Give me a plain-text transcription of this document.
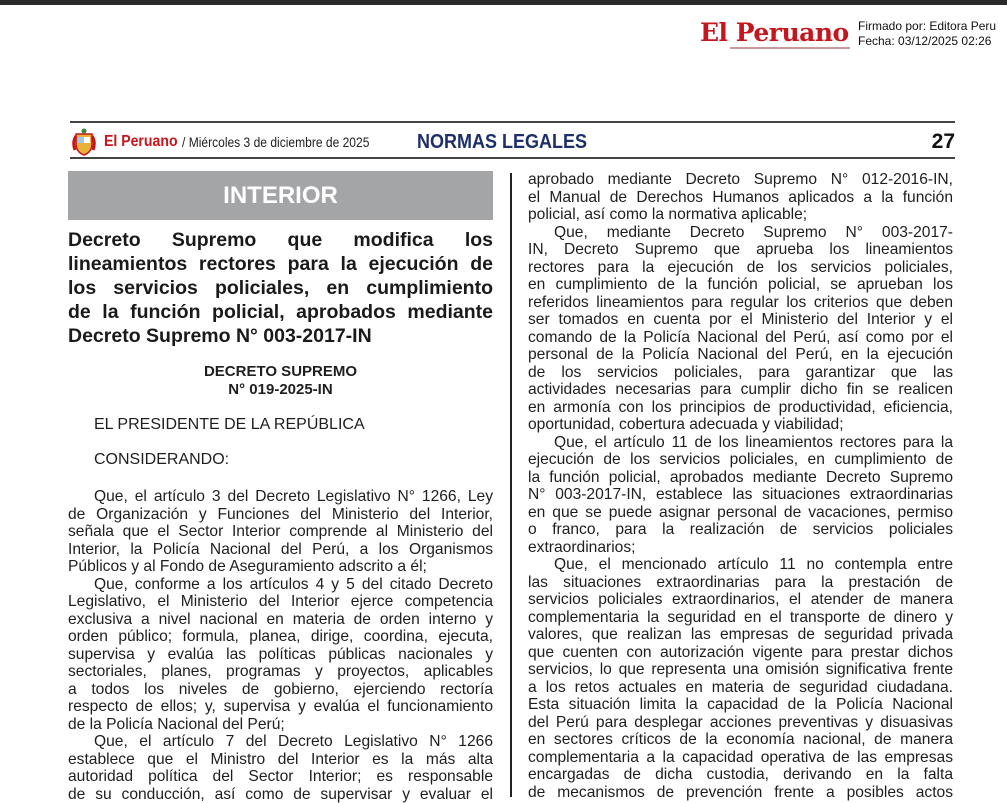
El Peruano Firmado por: Editora Peru
Fecha: 03/12/2025 02:26
El Peruano / Miércoles 3 de diciembre de 2025 NORMAS LEGALES	27
INTERIOR
Decreto Supremo que modifica los
lineamientos rectores para la ejecución de
los servicios policiales, en cumplimiento
de la función policial, aprobados mediante
Decreto Supremo N° 003-2017-IN
DECRETO SUPREMO
N° 019-2025-IN
EL PRESIDENTE DE LA REPÚBLICA
CONSIDERANDO:
Que, el artículo 3 del Decreto Legislativo N° 1266, Ley
de Organización y Funciones del Ministerio del Interior,
señala que el Sector Interior comprende al Ministerio del
Interior, la Policía Nacional del Perú, a los Organismos
Públicos y al Fondo de Aseguramiento adscrito a él;
Que, conforme a los artículos 4 y 5 del citado Decreto
Legislativo, el Ministerio del Interior ejerce competencia
exclusiva a nivel nacional en materia de orden interno y
orden público; formula, planea, dirige, coordina, ejecuta,
supervisa y evalúa las políticas públicas nacionales y
sectoriales, planes, programas y proyectos, aplicables
a todos los niveles de gobierno, ejerciendo rectoría
respecto de ellos; y, supervisa y evalúa el funcionamiento
de la Policía Nacional del Perú;
Que, el artículo 7 del Decreto Legislativo N° 1266
establece que el Ministro del Interior es la más alta
autoridad política del Sector Interior; es responsable
de su conducción, así como de supervisar y evaluar el
aprobado mediante Decreto Supremo N° 012-2016-IN,
el Manual de Derechos Humanos aplicados a la función
policial, así como la normativa aplicable;
Que, mediante Decreto Supremo N° 003-2017-
IN, Decreto Supremo que aprueba los lineamientos
rectores para la ejecución de los servicios policiales,
en cumplimiento de la función policial, se aprueban los
referidos lineamientos para regular los criterios que deben
ser tomados en cuenta por el Ministerio del Interior y el
comando de la Policía Nacional del Perú, así como por el
personal de la Policía Nacional del Perú, en la ejecución
de los servicios policiales, para garantizar que las
actividades necesarias para cumplir dicho fin se realicen
en armonía con los principios de productividad, eficiencia,
oportunidad, cobertura adecuada y viabilidad;
Que, el artículo 11 de los lineamientos rectores para la
ejecución de los servicios policiales, en cumplimiento de
la función policial, aprobados mediante Decreto Supremo
N° 003-2017-IN, establece las situaciones extraordinarias
en que se puede asignar personal de vacaciones, permiso
o franco, para la realización de servicios policiales
extraordinarios;
Que, el mencionado artículo 11 no contempla entre
las situaciones extraordinarias para la prestación de
servicios policiales extraordinarios, el atender de manera
complementaria la seguridad en el transporte de dinero y
valores, que realizan las empresas de seguridad privada
que cuenten con autorización vigente para prestar dichos
servicios, lo que representa una omisión significativa frente
a los retos actuales en materia de seguridad ciudadana.
Esta situación limita la capacidad de la Policía Nacional
del Perú para desplegar acciones preventivas y disuasivas
en sectores críticos de la economía nacional, de manera
complementaria a la capacidad operativa de las empresas
encargadas de dicha custodia, derivando en la falta
de mecanismos de prevención frente a posibles actos
